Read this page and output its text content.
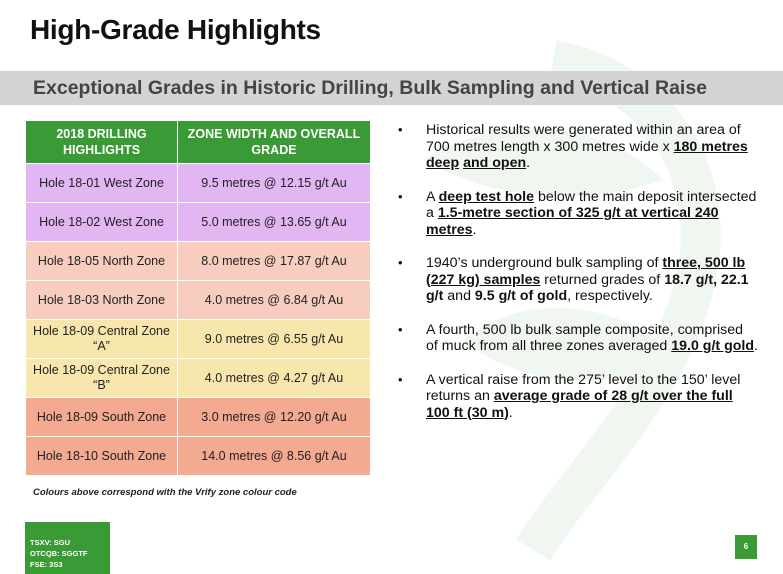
High-Grade Highlights
Exceptional Grades in Historic Drilling, Bulk Sampling and Vertical Raise
2018 DRILLING HIGHLIGHTS	ZONE WIDTH AND OVERALL GRADE
Hole 18-01 West Zone	9.5 metres @ 12.15 g/t Au
Hole 18-02 West Zone	5.0 metres @ 13.65 g/t Au
Hole 18-05 North Zone	8.0 metres @ 17.87 g/t Au
Hole 18-03 North Zone	4.0 metres @ 6.84 g/t Au
Hole 18-09 Central Zone “A”	9.0 metres @ 6.55 g/t Au
Hole 18-09 Central Zone “B”	4.0 metres @ 4.27 g/t Au
Hole 18-09 South Zone	3.0 metres @ 12.20 g/t Au
Hole 18-10 South Zone	14.0 metres @ 8.56 g/t Au
Colours above correspond with the Vrify zone colour code
• Historical results were generated within an area of 700 metres length x 300 metres wide x 180 metres deep and open.
• A deep test hole below the main deposit intersected a 1.5-metre section of 325 g/t at vertical 240 metres.
• 1940’s underground bulk sampling of three, 500 lb (227 kg) samples returned grades of 18.7 g/t, 22.1 g/t and 9.5 g/t of gold, respectively.
• A fourth, 500 lb bulk sample composite, comprised of muck from all three zones averaged 19.0 g/t gold.
• A vertical raise from the 275’ level to the 150’ level returns an average grade of 28 g/t over the full 100 ft (30 m).
TSXV: SGU
OTCQB: SGGTF
FSE: 3S3
6
